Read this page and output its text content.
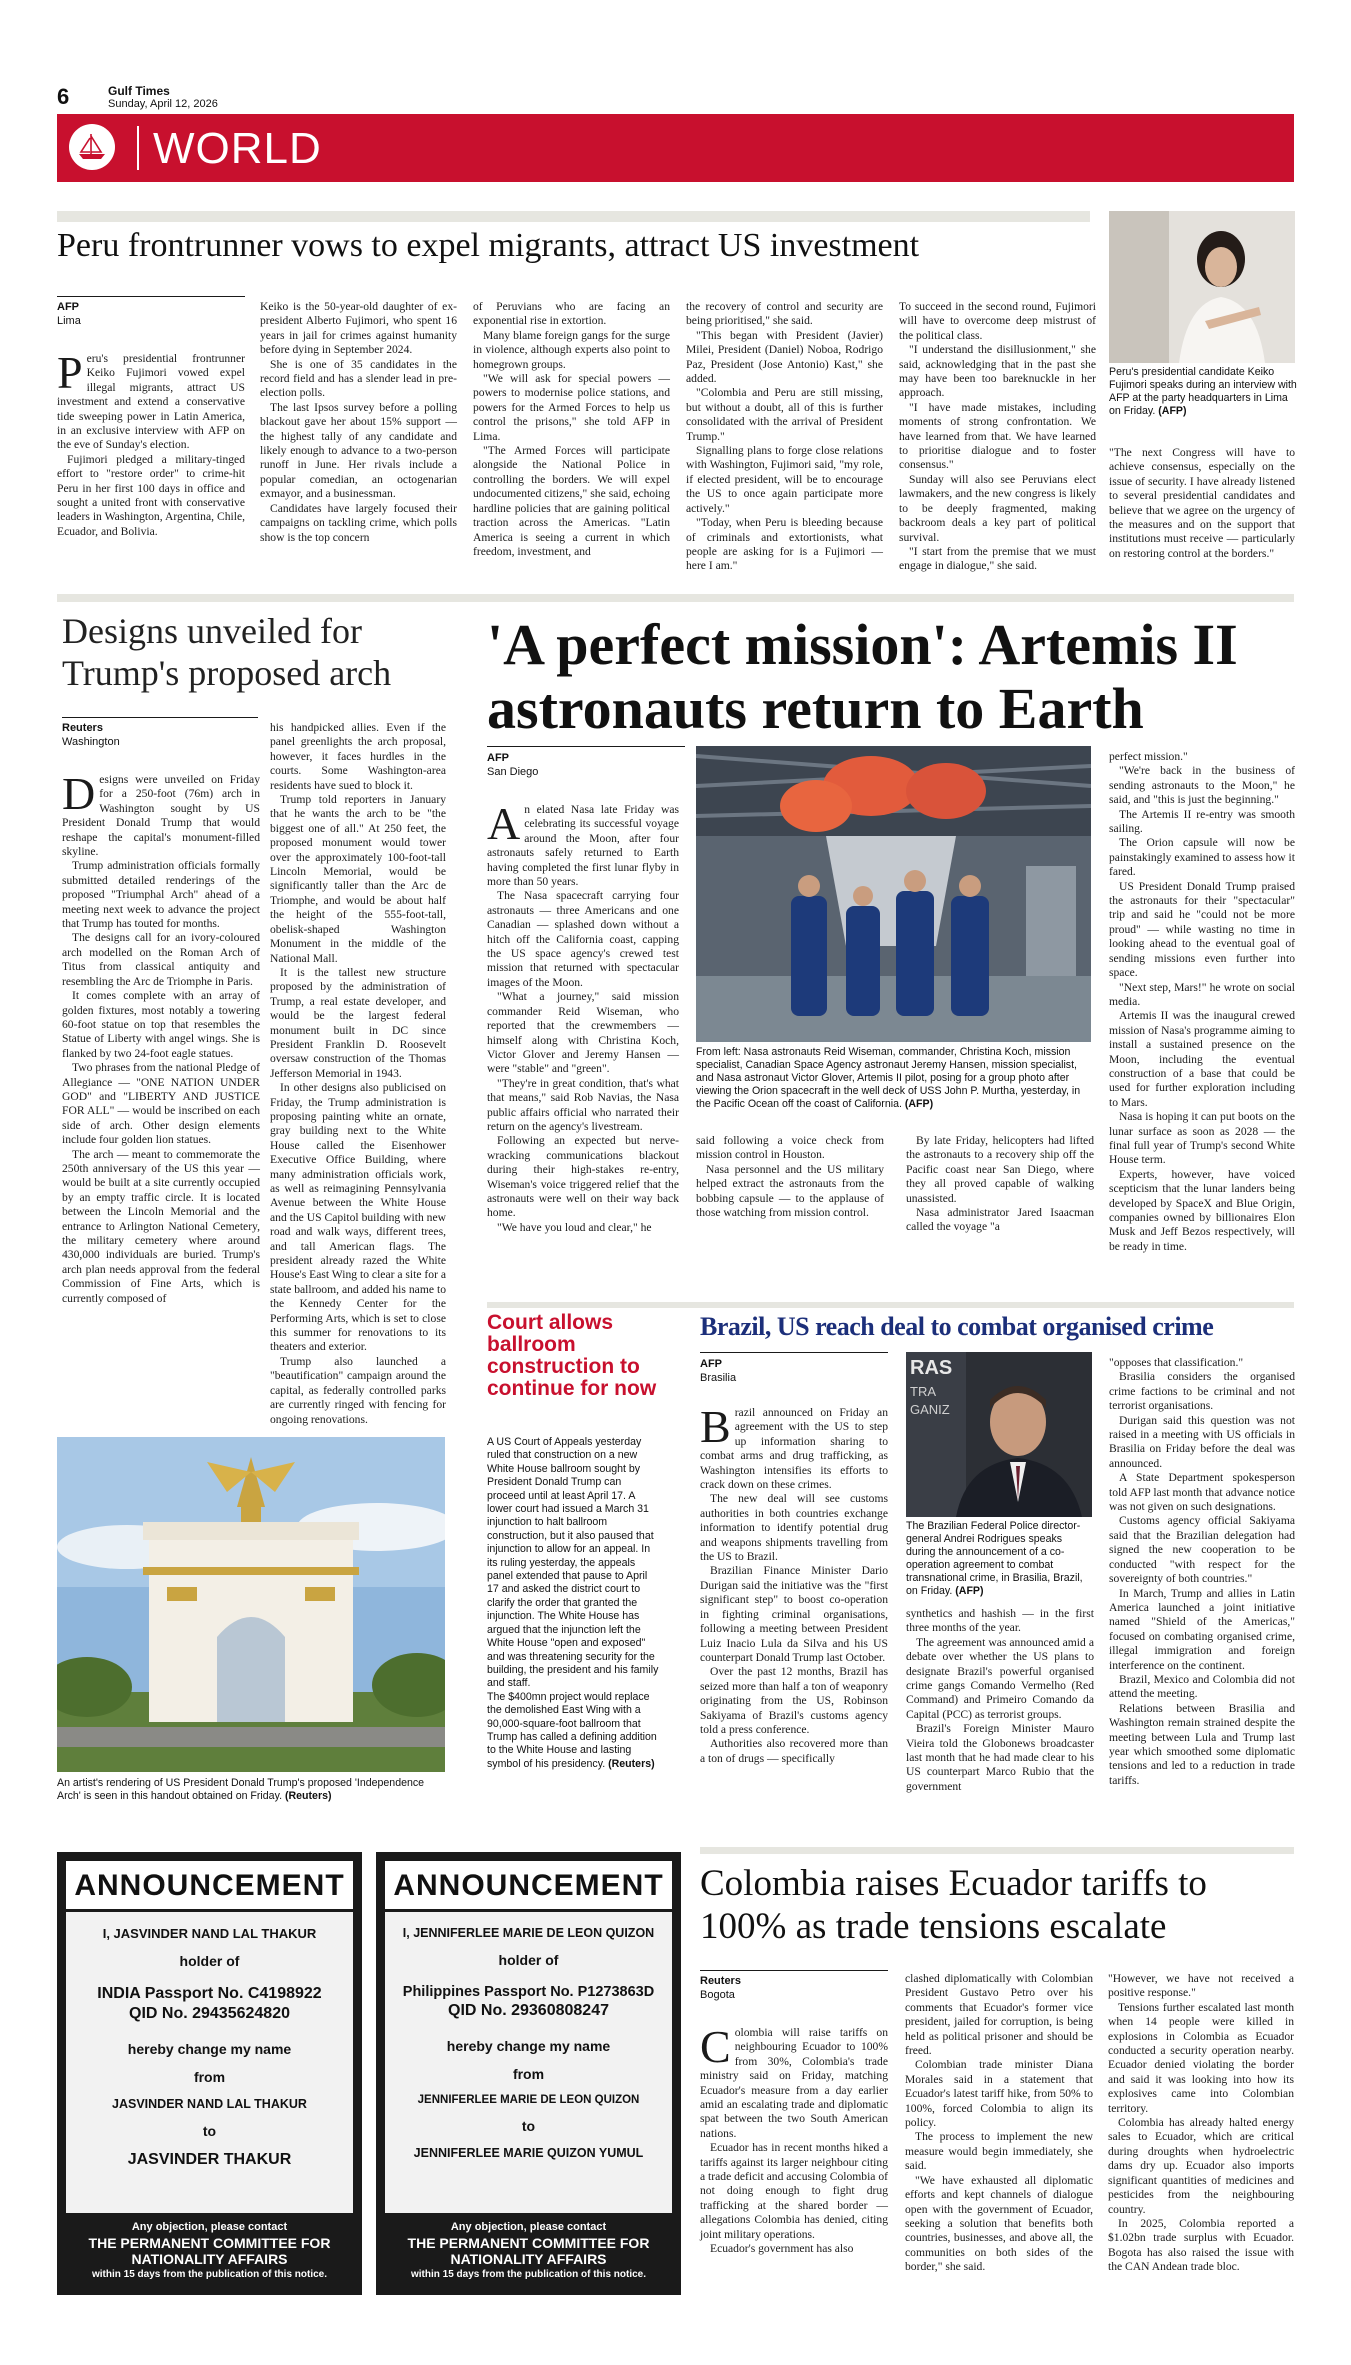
6	Gulf Times
Sunday, April 12, 2026
WORLD
Peru frontrunner vows to expel migrants, attract US investment
AFP
Lima
P eru's presidential frontrunner Keiko Fujimori vowed expel illegal migrants, attract US investment and extend a conservative tide sweeping power in Latin America, in an exclusive interview with AFP on the eve of Sunday's election.

Fujimori pledged a military-tinged effort to "restore order" to crime-hit Peru in her first 100 days in office and sought a united front with conservative leaders in Washington, Argentina, Chile, Ecuador, and Bolivia.

Keiko is the 50-year-old daughter of ex-president Alberto Fujimori, who spent 16 years in jail for crimes against humanity before dying in September 2024.

She is one of 35 candidates in the record field and has a slender lead in pre-election polls.

The last Ipsos survey before a polling blackout gave her about 15% support — the highest tally of any candidate and likely enough to advance to a two-person runoff in June. Her rivals include a popular comedian, an octogenarian exmayor, and a businessman.

Candidates have largely focused their campaigns on tackling crime, which polls show is the top concern

of Peruvians who are facing an exponential rise in extortion.

Many blame foreign gangs for the surge in violence, although experts also point to homegrown groups.

"We will ask for special powers — powers to modernise police stations, and powers for the Armed Forces to help us control the prisons," she told AFP in Lima.

"The Armed Forces will participate alongside the National Police in controlling the borders. We will expel undocumented citizens," she said, echoing hardline policies that are gaining political traction across the Americas. "Latin America is seeing a current in which freedom, investment, and

the recovery of control and security are being prioritised," she said.

"This began with President (Javier) Milei, President (Daniel) Noboa, Rodrigo Paz, President (Jose Antonio) Kast," she added.

"Colombia and Peru are still missing, but without a doubt, all of this is further consolidated with the arrival of President Trump."

Signalling plans to forge close relations with Washington, Fujimori said, "my role, if elected president, will be to encourage the US to once again participate more actively."

"Today, when Peru is bleeding because of criminals and extortionists, what people are asking for is a Fujimori — here I am."

To succeed in the second round, Fujimori will have to overcome deep mistrust of the political class.

"I understand the disillusionment," she said, acknowledging that in the past she may have been too bareknuckle in her approach.

"I have made mistakes, including moments of strong confrontation. We have learned from that. We have learned to prioritise dialogue and to foster consensus."

Sunday will also see Peruvians elect lawmakers, and the new congress is likely to be deeply fragmented, making backroom deals a key part of political survival.

"I start from the premise that we must engage in dialogue," she said.

Peru's presidential candidate Keiko Fujimori speaks during an interview with AFP at the party headquarters in Lima on Friday. (AFP)

"The next Congress will have to achieve consensus, especially on the issue of security. I have already listened to several presidential candidates and believe that we agree on the urgency of the measures and on the support that institutions must receive — particularly on restoring control at the borders."

Designs unveiled for Trump's proposed arch
Reuters
Washington
D esigns were unveiled on Friday for a 250-foot (76m) arch in Washington sought by US President Donald Trump that would reshape the capital's monument-filled skyline.

Trump administration officials formally submitted detailed renderings of the proposed "Triumphal Arch" ahead of a meeting next week to advance the project that Trump has touted for months.

The designs call for an ivory-coloured arch modelled on the Roman Arch of Titus from classical antiquity and resembling the Arc de Triomphe in Paris.

It comes complete with an array of golden fixtures, most notably a towering 60-foot statue on top that resembles the Statue of Liberty with angel wings. She is flanked by two 24-foot eagle statues.

Two phrases from the national Pledge of Allegiance — "ONE NATION UNDER GOD" and "LIBERTY AND JUSTICE FOR ALL" — would be inscribed on each side of arch. Other design elements include four golden lion statues.

The arch — meant to commemorate the 250th anniversary of the US this year — would be built at a site currently occupied by an empty traffic circle. It is located between the Lincoln Memorial and the entrance to Arlington National Cemetery, the military cemetery where around 430,000 individuals are buried. Trump's arch plan needs approval from the federal Commission of Fine Arts, which is currently composed of

his handpicked allies. Even if the panel greenlights the arch proposal, however, it faces hurdles in the courts. Some Washington-area residents have sued to block it.

Trump told reporters in January that he wants the arch to be "the biggest one of all." At 250 feet, the proposed monument would tower over the approximately 100-foot-tall Lincoln Memorial, would be significantly taller than the Arc de Triomphe, and would be about half the height of the 555-foot-tall, obelisk-shaped Washington Monument in the middle of the National Mall.

It is the tallest new structure proposed by the administration of Trump, a real estate developer, and would be the largest federal monument built in DC since President Franklin D. Roosevelt oversaw construction of the Thomas Jefferson Memorial in 1943.

In other designs also publicised on Friday, the Trump administration is proposing painting white an ornate, gray building next to the White House called the Eisenhower Executive Office Building, where many administration officials work, as well as reimagining Pennsylvania Avenue between the White House and the US Capitol building with new road and walk ways, different trees, and tall American flags. The president already razed the White House's East Wing to clear a site for a state ballroom, and added his name to the Kennedy Center for the Performing Arts, which is set to close this summer for renovations to its theaters and exterior.

Trump also launched a "beautification" campaign around the capital, as federally controlled parks are currently ringed with fencing for ongoing renovations.

An artist's rendering of US President Donald Trump's proposed 'Independence Arch' is seen in this handout obtained on Friday. (Reuters)
Court allows ballroom construction to continue for now

A US Court of Appeals yesterday ruled that construction on a new White House ballroom sought by President Donald Trump can proceed until at least April 17. A lower court had issued a March 31 injunction to halt ballroom construction, but it also paused that injunction to allow for an appeal. In its ruling yesterday, the appeals panel extended that pause to April 17 and asked the district court to clarify the order that granted the injunction. The White House has argued that the injunction left the White House "open and exposed" and was threatening security for the building, the president and his family and staff.

The $400mn project would replace the demolished East Wing with a 90,000-square-foot ballroom that Trump has called a defining addition to the White House and lasting symbol of his presidency. (Reuters)

'A perfect mission': Artemis II astronauts return to Earth
AFP
San Diego
A n elated Nasa late Friday was celebrating its successful voyage around the Moon, after four astronauts safely returned to Earth having completed the first lunar flyby in more than 50 years.

The Nasa spacecraft carrying four astronauts — three Americans and one Canadian — splashed down without a hitch off the California coast, capping the US space agency's crewed test mission that returned with spectacular images of the Moon.

"What a journey," said mission commander Reid Wiseman, who reported that the crewmembers — himself along with Christina Koch, Victor Glover and Jeremy Hansen — were "stable" and "green".

"They're in great condition, that's what that means," said Rob Navias, the Nasa public affairs official who narrated their return on the agency's livestream.

Following an expected but nerve-wracking communications blackout during their high-stakes re-entry, Wiseman's voice triggered relief that the astronauts were well on their way back home.

"We have you loud and clear," he

From left: Nasa astronauts Reid Wiseman, commander, Christina Koch, mission specialist, Canadian Space Agency astronaut Jeremy Hansen, mission specialist, and Nasa astronaut Victor Glover, Artemis II pilot, posing for a group photo after viewing the Orion spacecraft in the well deck of USS John P. Murtha, yesterday, in the Pacific Ocean off the coast of California. (AFP)

said following a voice check from mission control in Houston.

Nasa personnel and the US military helped extract the astronauts from the bobbing capsule — to the applause of those watching from mission control.

By late Friday, helicopters had lifted the astronauts to a recovery ship off the Pacific coast near San Diego, where they all proved capable of walking unassisted.

Nasa administrator Jared Isaacman called the voyage "a

perfect mission."

"We're back in the business of sending astronauts to the Moon," he said, and "this is just the beginning."

The Artemis II re-entry was smooth sailing.

The Orion capsule will now be painstakingly examined to assess how it fared.

US President Donald Trump praised the astronauts for their "spectacular" trip and said he "could not be more proud" — while wasting no time in looking ahead to the eventual goal of sending missions even further into space.

"Next step, Mars!" he wrote on social media.

Artemis II was the inaugural crewed mission of Nasa's programme aiming to install a sustained presence on the Moon, including the eventual construction of a base that could be used for further exploration including to Mars.

Nasa is hoping it can put boots on the lunar surface as soon as 2028 — the final full year of Trump's second White House term.

Experts, however, have voiced scepticism that the lunar landers being developed by SpaceX and Blue Origin, companies owned by billionaires Elon Musk and Jeff Bezos respectively, will be ready in time.

Brazil, US reach deal to combat organised crime
AFP
Brasilia
B razil announced on Friday an agreement with the US to step up information sharing to combat arms and drug trafficking, as Washington intensifies its efforts to crack down on these crimes.

The new deal will see customs authorities in both countries exchange information to identify potential drug and weapons shipments travelling from the US to Brazil.

Brazilian Finance Minister Dario Durigan said the initiative was the "first significant step" to boost co-operation in fighting criminal organisations, following a meeting between President Luiz Inacio Lula da Silva and his US counterpart Donald Trump last October.

Over the past 12 months, Brazil has seized more than half a ton of weaponry originating from the US, Robinson Sakiyama of Brazil's customs agency told a press conference.

Authorities also recovered more than a ton of drugs — specifically

RAS
TRA
GANIZ
The Brazilian Federal Police director-general Andrei Rodrigues speaks during the announcement of a co-operation agreement to combat transnational crime, in Brasilia, Brazil, on Friday. (AFP)

synthetics and hashish — in the first three months of the year.

The agreement was announced amid a debate over whether the US plans to designate Brazil's powerful organised crime gangs Comando Vermelho (Red Command) and Primeiro Comando da Capital (PCC) as terrorist groups.

Brazil's Foreign Minister Mauro Vieira told the Globonews broadcaster last month that he had made clear to his US counterpart Marco Rubio that the government

"opposes that classification."

Brasilia considers the organised crime factions to be criminal and not terrorist organisations.

Durigan said this question was not raised in a meeting with US officials in Brasilia on Friday before the deal was announced.

A State Department spokesperson told AFP last month that advance notice was not given on such designations.

Customs agency official Sakiyama said that the Brazilian delegation had signed the new cooperation to be conducted "with respect for the sovereignty of both countries."

In March, Trump and allies in Latin America launched a joint initiative named "Shield of the Americas," focused on combating organised crime, illegal immigration and foreign interference on the continent.

Brazil, Mexico and Colombia did not attend the meeting.

Relations between Brasilia and Washington remain strained despite the meeting between Lula and Trump last year which smoothed some diplomatic tensions and led to a reduction in trade tariffs.

ANNOUNCEMENT
I, JASVINDER NAND LAL THAKUR
holder of
INDIA Passport No. C4198922
QID No. 29435624820
hereby change my name
from
JASVINDER NAND LAL THAKUR
to
JASVINDER THAKUR
Any objection, please contact
THE PERMANENT COMMITTEE FOR NATIONALITY AFFAIRS
within 15 days from the publication of this notice.
ANNOUNCEMENT
I, JENNIFERLEE MARIE DE LEON QUIZON
holder of
Philippines Passport No. P1273863D
QID No. 29360808247
hereby change my name
from
JENNIFERLEE MARIE DE LEON QUIZON
to
JENNIFERLEE MARIE QUIZON YUMUL
Any objection, please contact
THE PERMANENT COMMITTEE FOR NATIONALITY AFFAIRS
within 15 days from the publication of this notice.
Colombia raises Ecuador tariffs to 100% as trade tensions escalate
Reuters
Bogota
C olombia will raise tariffs on neighbouring Ecuador to 100% from 30%, Colombia's trade ministry said on Friday, matching Ecuador's measure from a day earlier amid an escalating trade and diplomatic spat between the two South American nations.

Ecuador has in recent months hiked a tariffs against its larger neighbour citing a trade deficit and accusing Colombia of not doing enough to fight drug trafficking at the shared border — allegations Colombia has denied, citing joint military operations.

Ecuador's government has also

clashed diplomatically with Colombian President Gustavo Petro over his comments that Ecuador's former vice president, jailed for corruption, is being held as political prisoner and should be freed.

Colombian trade minister Diana Morales said in a statement that Ecuador's latest tariff hike, from 50% to 100%, forced Colombia to align its policy.

The process to implement the new measure would begin immediately, she said.

"We have exhausted all diplomatic efforts and kept channels of dialogue open with the government of Ecuador, seeking a solution that benefits both countries, businesses, and above all, the communities on both sides of the border," she said.

"However, we have not received a positive response."

Tensions further escalated last month when 14 people were killed in explosions in Colombia as Ecuador conducted a security operation nearby. Ecuador denied violating the border and said it was looking into how its explosives came into Colombian territory.

Colombia has already halted energy sales to Ecuador, which are critical during droughts when hydroelectric dams dry up. Ecuador also imports significant quantities of medicines and pesticides from the neighbouring country.

In 2025, Colombia reported a $1.02bn trade surplus with Ecuador. Bogota has also raised the issue with the CAN Andean trade bloc.
